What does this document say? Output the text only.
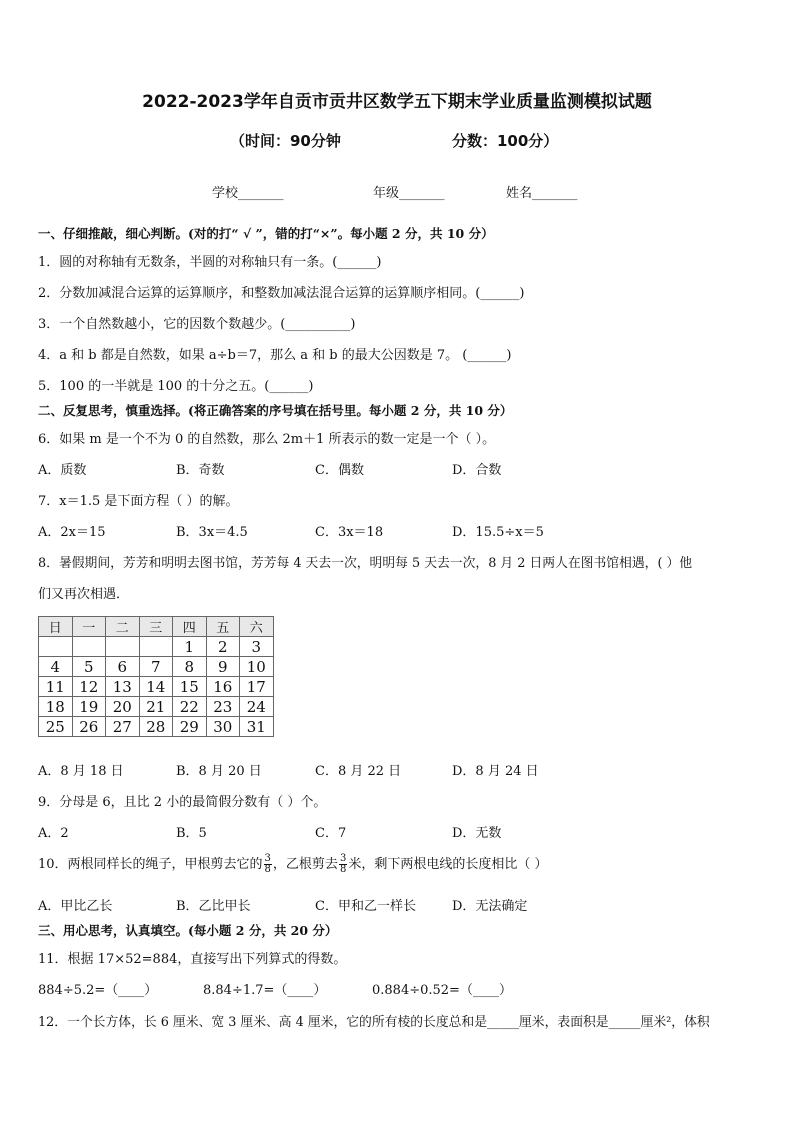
2022-2023学年自贡市贡井区数学五下期末学业质量监测模拟试题
（时间：90分钟	分数：100分）
学校_______	年级_______	姓名_______
一、仔细推敲，细心判断。(对的打“ √ ”，错的打“×”。每小题 2 分，共 10 分）
1．圆的对称轴有无数条，半圆的对称轴只有一条。(______)
2．分数加减混合运算的运算顺序，和整数加减法混合运算的运算顺序相同。(______)
3．一个自然数越小，它的因数个数越少。(__________)
4．a 和 b 都是自然数，如果 a÷b＝7，那么 a 和 b 的最大公因数是 7。 (______)
5．100 的一半就是 100 的十分之五。(______)
二、反复思考，慎重选择。(将正确答案的序号填在括号里。每小题 2 分，共 10 分）
6．如果 m 是一个不为 0 的自然数，那么 2m＋1 所表示的数一定是一个（ ）。
A．质数	B．奇数	C．偶数	D．合数
7．x＝1.5 是下面方程（ ）的解。
A．2x＝15	B．3x＝4.5	C．3x＝18	D．15.5÷x＝5
8．暑假期间，芳芳和明明去图书馆，芳芳每 4 天去一次，明明每 5 天去一次，8 月 2 日两人在图书馆相遇，( ）他
们又再次相遇．
日	一	二	三	四	五	六
				1	2	3
4	5	6	7	8	9	10
11	12	13	14	15	16	17
18	19	20	21	22	23	24
25	26	27	28	29	30	31
A．8 月 18 日	B．8 月 20 日	C．8 月 22 日	D．8 月 24 日
9．分母是 6，且比 2 小的最简假分数有（ ）个。
A．2	B．5	C．7	D．无数
10．两根同样长的绳子，甲根剪去它的 $\frac{3}{8}$ ，乙根剪去 $\frac{3}{8}$ 米，剩下两根电线的长度相比（ ）
A．甲比乙长	B．乙比甲长	C．甲和乙一样长	D．无法确定
三、用心思考，认真填空。(每小题 2 分，共 20 分）
11．根据 17×52=884，直接写出下列算式的得数。
884÷5.2=（____）	8.84÷1.7=（____）	0.884÷0.52=（____）
12．一个长方体，长 6 厘米、宽 3 厘米、高 4 厘米，它的所有棱的长度总和是_____厘米，表面积是_____厘米²，体积
